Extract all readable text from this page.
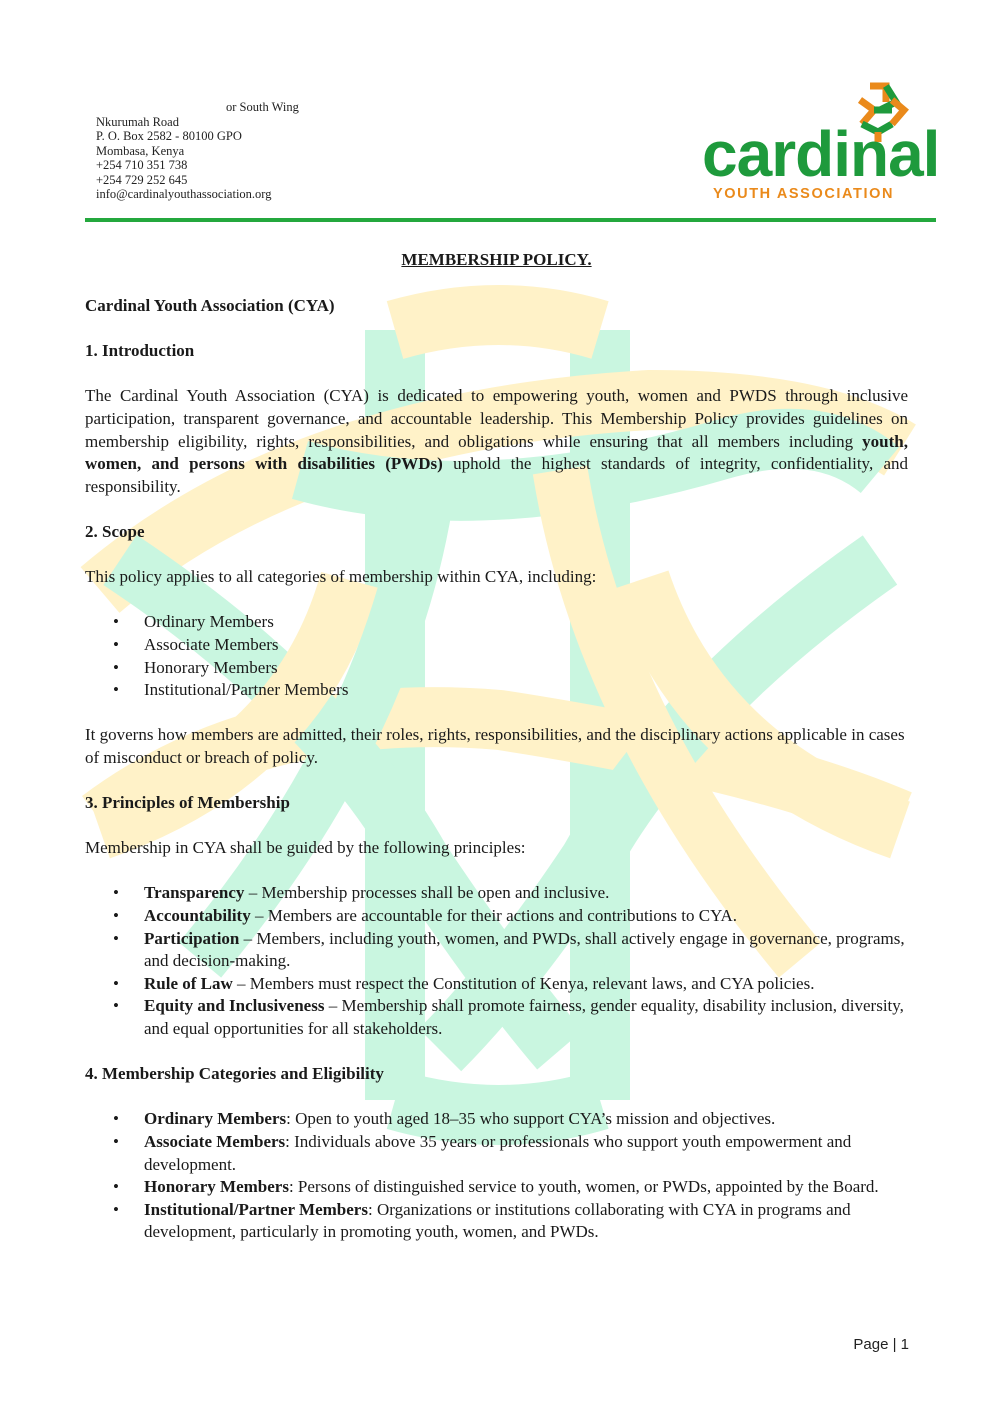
or South Wing
Nkurumah Road
P. O. Box 2582 - 80100 GPO
Mombasa, Kenya
+254 710 351 738
+254 729 252 645
info@cardinalyouthassociation.org
cardinal
YOUTH ASSOCIATION
MEMBERSHIP POLICY.

Cardinal Youth Association (CYA)

1. Introduction

The Cardinal Youth Association (CYA) is dedicated to empowering youth, women and PWDS through inclusive participation, transparent governance, and accountable leadership. This Membership Policy provides guidelines on membership eligibility, rights, responsibilities, and obligations while ensuring that all members including youth, women, and persons with disabilities (PWDs) uphold the highest standards of integrity, confidentiality, and responsibility.

2. Scope

This policy applies to all categories of membership within CYA, including:

• Ordinary Members
• Associate Members
• Honorary Members
• Institutional/Partner Members

It governs how members are admitted, their roles, rights, responsibilities, and the disciplinary actions applicable in cases of misconduct or breach of policy.

3. Principles of Membership

Membership in CYA shall be guided by the following principles:

• Transparency – Membership processes shall be open and inclusive.
• Accountability – Members are accountable for their actions and contributions to CYA.
• Participation – Members, including youth, women, and PWDs, shall actively engage in governance, programs, and decision-making.
• Rule of Law – Members must respect the Constitution of Kenya, relevant laws, and CYA policies.
• Equity and Inclusiveness – Membership shall promote fairness, gender equality, disability inclusion, diversity, and equal opportunities for all stakeholders.

4. Membership Categories and Eligibility

• Ordinary Members: Open to youth aged 18–35 who support CYA’s mission and objectives.
• Associate Members: Individuals above 35 years or professionals who support youth empowerment and development.
• Honorary Members: Persons of distinguished service to youth, women, or PWDs, appointed by the Board.
• Institutional/Partner Members: Organizations or institutions collaborating with CYA in programs and development, particularly in promoting youth, women, and PWDs.
Page | 1
